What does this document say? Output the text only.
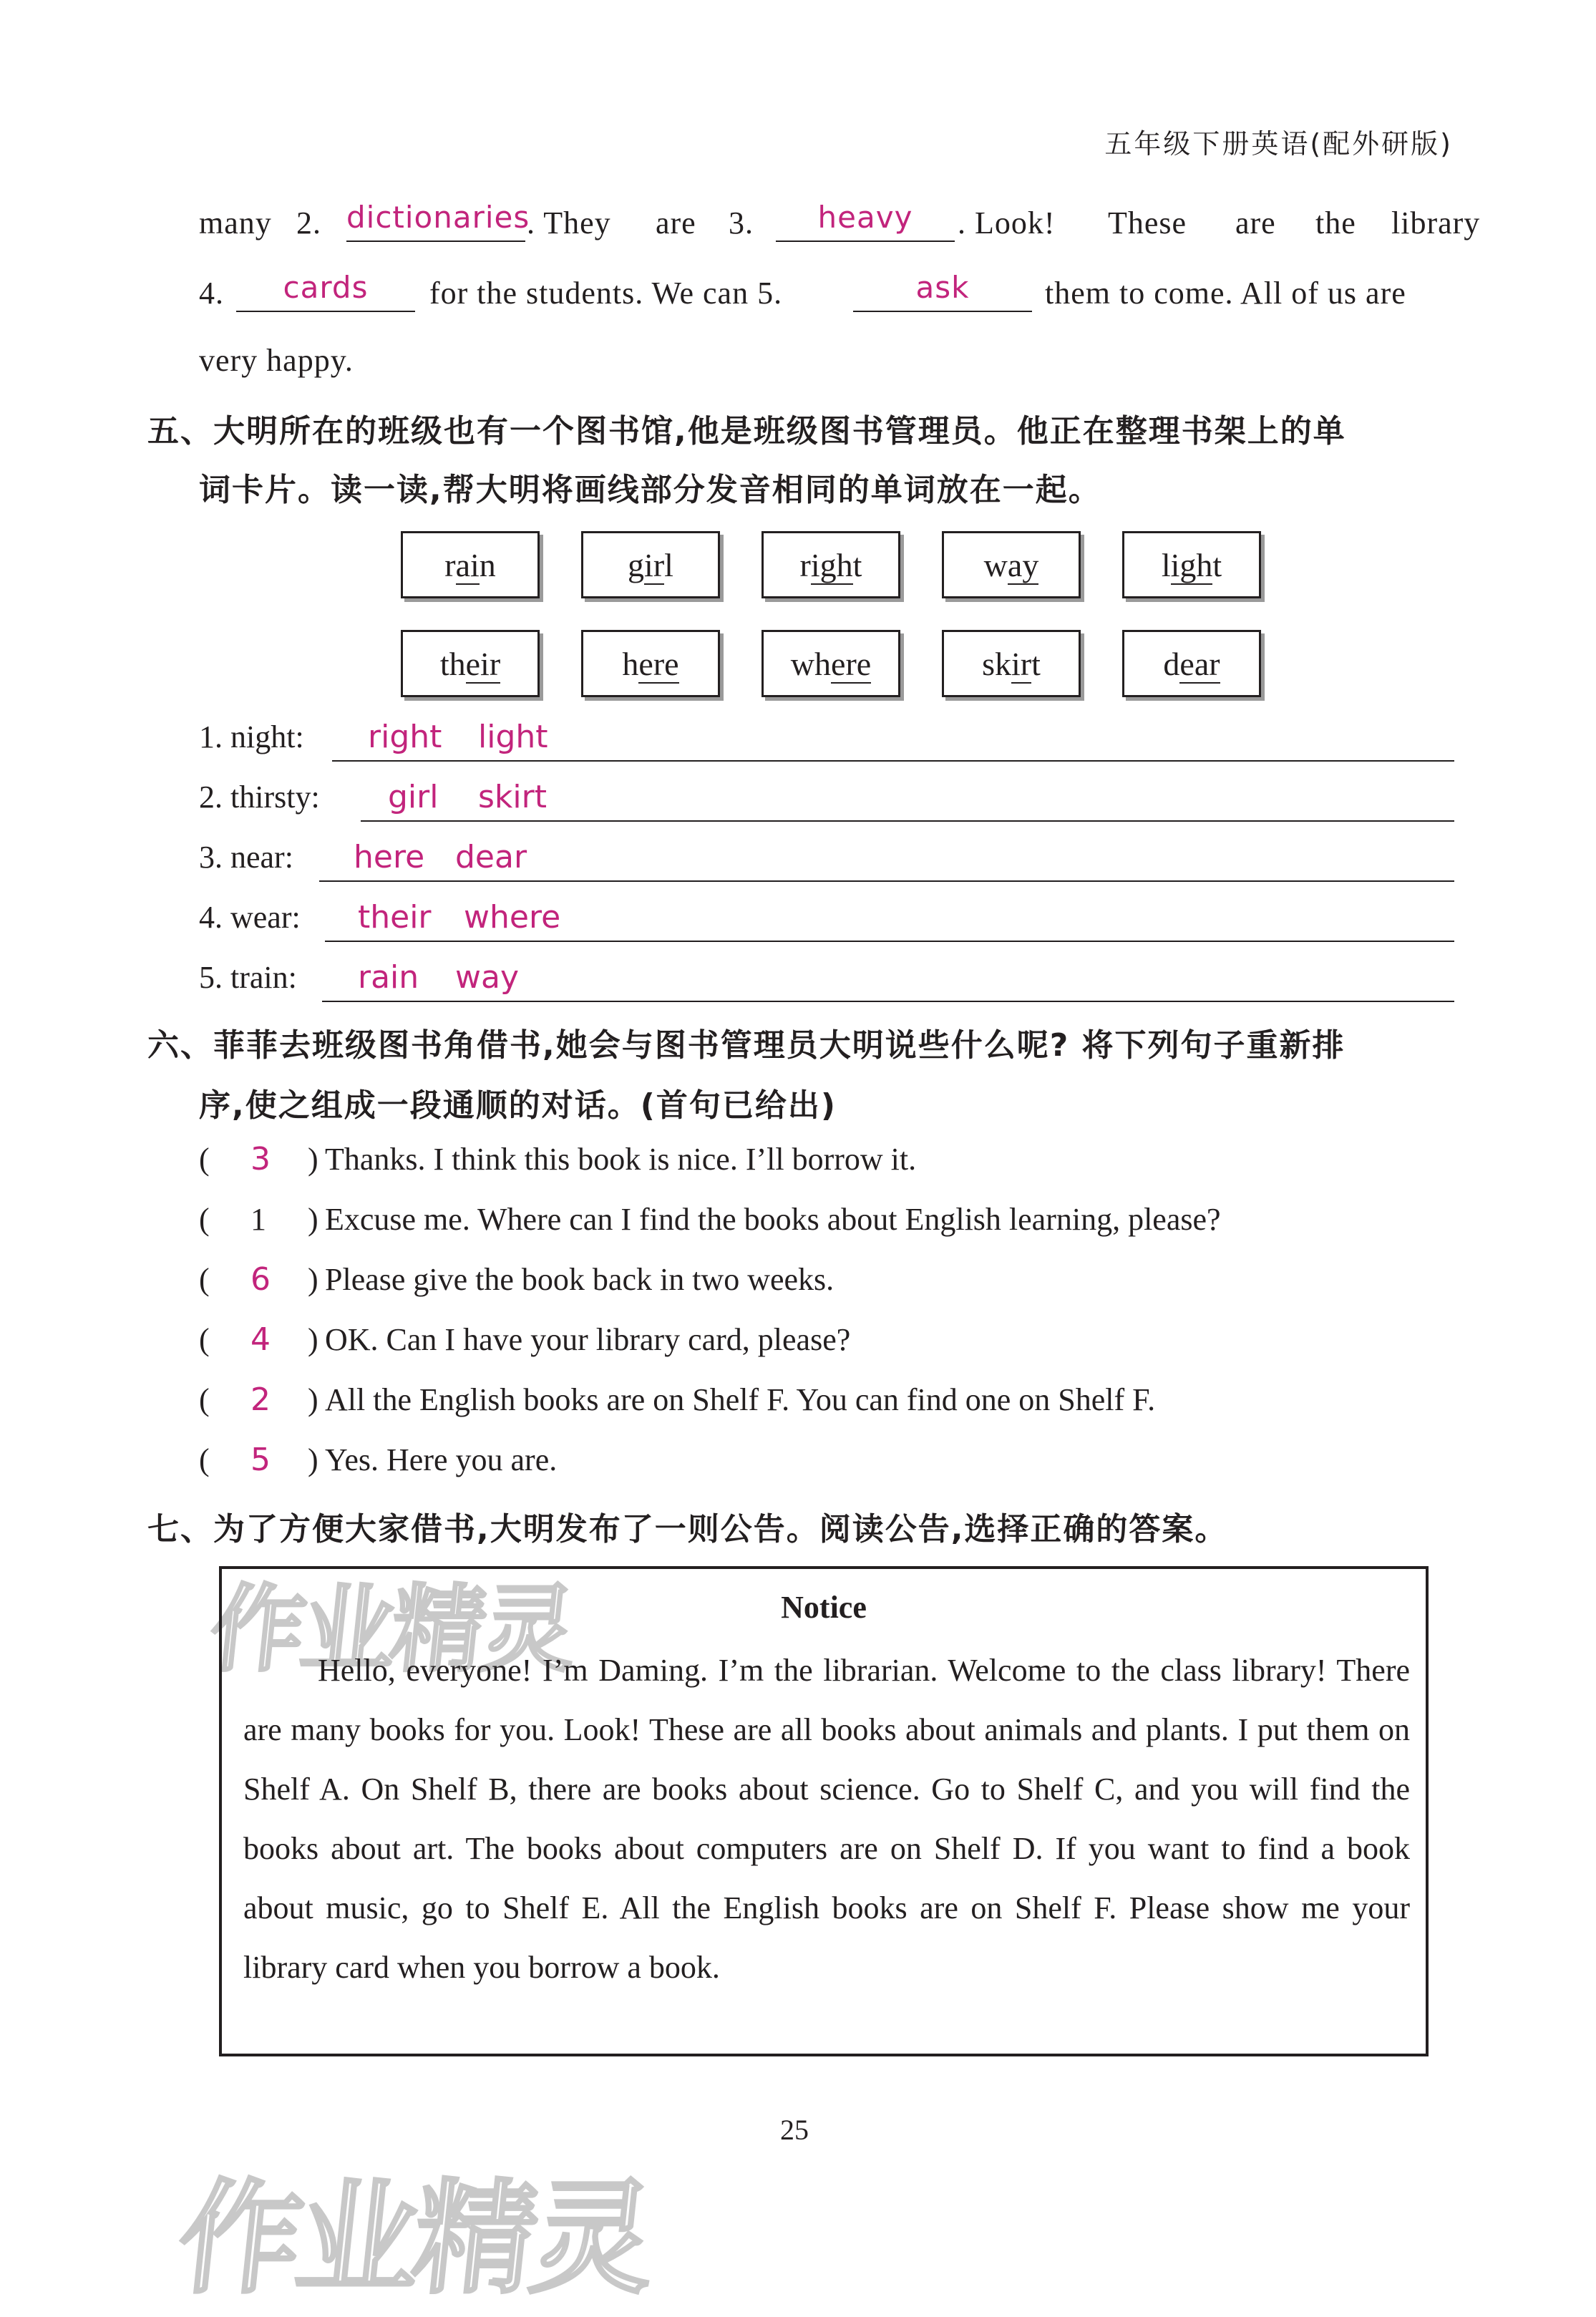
五年级下册英语(配外研版)
many 2. dictionaries
. They are 3.	heavy	. Look! These are the library
4.	cards	for the students. We can 5.	ask	them to come. All of us are
very happy.
五、大明所在的班级也有一个图书馆,他是班级图书管理员。他正在整理书架上的单
词卡片。读一读,帮大明将画线部分发音相同的单词放在一起。
rain	girl	right	way	light
their	here	where	skirt	dear
1. night: right light
2. thirsty: girl skirt
3. near: here dear
4. wear: their where
5. train: rain way
六、菲菲去班级图书角借书,她会与图书管理员大明说些什么呢? 将下列句子重新排
序,使之组成一段通顺的对话。(首句已给出)
( 3 ) Thanks. I think this book is nice. I’ll borrow it.
( 1 ) Excuse me. Where can I find the books about English learning, please?
( 6 ) Please give the book back in two weeks.
( 4 ) OK. Can I have your library card, please?
( 2 ) All the English books are on Shelf F. You can find one on Shelf F.
( 5 ) Yes. Here you are.
七、为了方便大家借书,大明发布了一则公告。阅读公告,选择正确的答案。
作业精灵	Notice
Hello, everyone! I’m Daming. I’m the librarian. Welcome to the class library! There are many books for you. Look! These are all books about animals and plants. I put them on Shelf A. On Shelf B, there are books about science. Go to Shelf C, and you will find the books about art. The books about computers are on Shelf D. If you want to find a book about music, go to Shelf E. All the English books are on Shelf F. Please show me your library card when you borrow a book.
25
作业精灵
